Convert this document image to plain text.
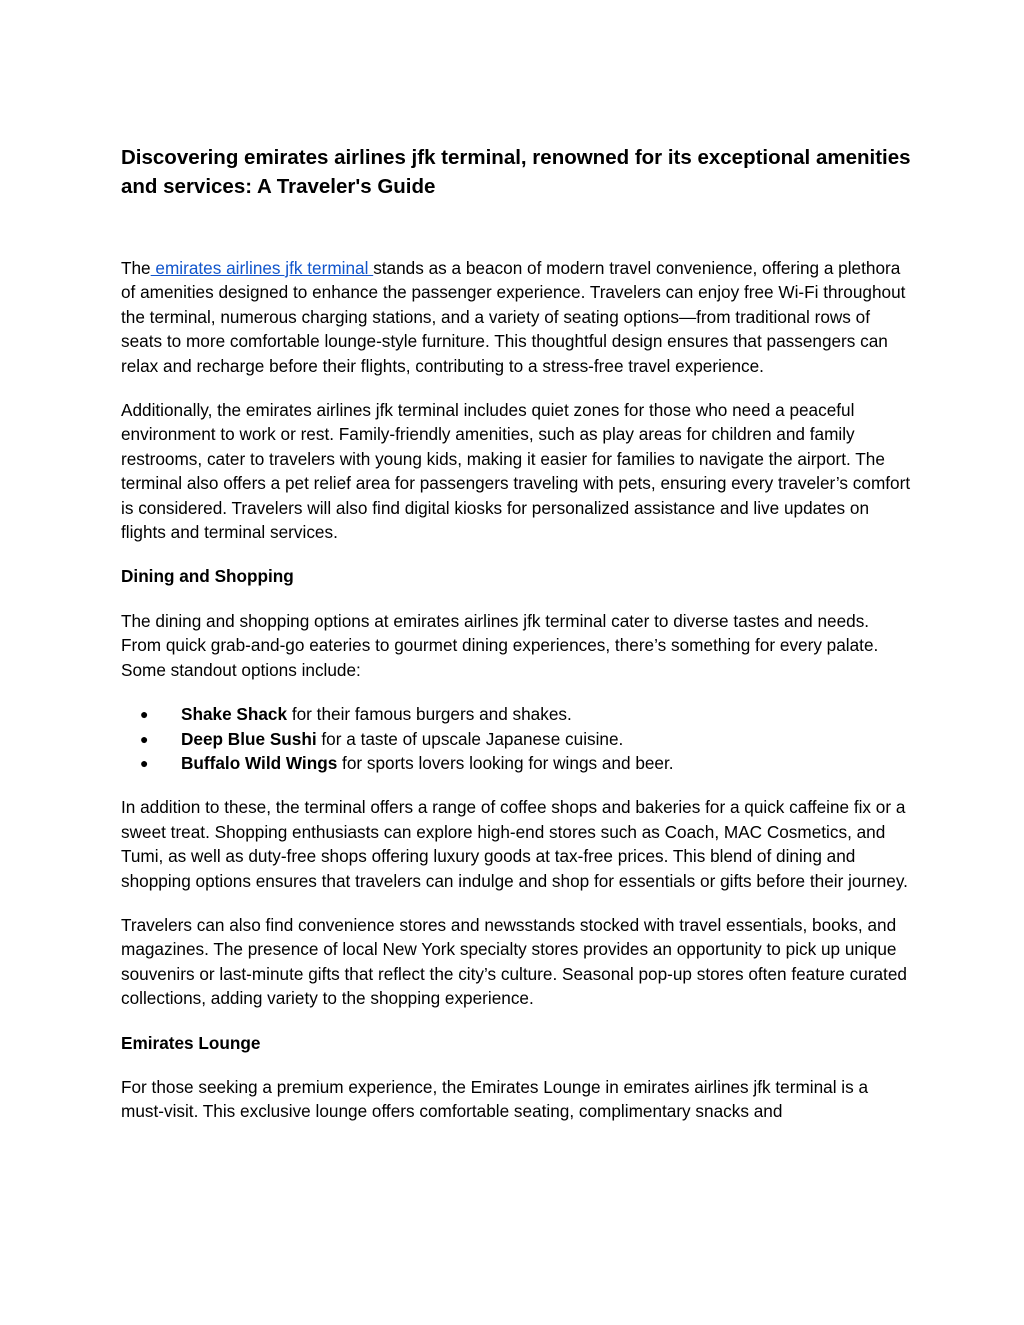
Discovering emirates airlines jfk terminal, renowned for its exceptional amenities and services: A Traveler's Guide

The emirates airlines jfk terminal stands as a beacon of modern travel convenience, offering a plethora of amenities designed to enhance the passenger experience. Travelers can enjoy free Wi-Fi throughout the terminal, numerous charging stations, and a variety of seating options—from traditional rows of seats to more comfortable lounge-style furniture. This thoughtful design ensures that passengers can relax and recharge before their flights, contributing to a stress-free travel experience.

Additionally, the emirates airlines jfk terminal includes quiet zones for those who need a peaceful environment to work or rest. Family-friendly amenities, such as play areas for children and family restrooms, cater to travelers with young kids, making it easier for families to navigate the airport. The terminal also offers a pet relief area for passengers traveling with pets, ensuring every traveler’s comfort is considered. Travelers will also find digital kiosks for personalized assistance and live updates on flights and terminal services.

Dining and Shopping

The dining and shopping options at emirates airlines jfk terminal cater to diverse tastes and needs. From quick grab-and-go eateries to gourmet dining experiences, there’s something for every palate. Some standout options include:

● Shake Shack for their famous burgers and shakes.
● Deep Blue Sushi for a taste of upscale Japanese cuisine.
● Buffalo Wild Wings for sports lovers looking for wings and beer.

In addition to these, the terminal offers a range of coffee shops and bakeries for a quick caffeine fix or a sweet treat. Shopping enthusiasts can explore high-end stores such as Coach, MAC Cosmetics, and Tumi, as well as duty-free shops offering luxury goods at tax-free prices. This blend of dining and shopping options ensures that travelers can indulge and shop for essentials or gifts before their journey.

Travelers can also find convenience stores and newsstands stocked with travel essentials, books, and magazines. The presence of local New York specialty stores provides an opportunity to pick up unique souvenirs or last-minute gifts that reflect the city’s culture. Seasonal pop-up stores often feature curated collections, adding variety to the shopping experience.

Emirates Lounge

For those seeking a premium experience, the Emirates Lounge in emirates airlines jfk terminal is a must-visit. This exclusive lounge offers comfortable seating, complimentary snacks and
